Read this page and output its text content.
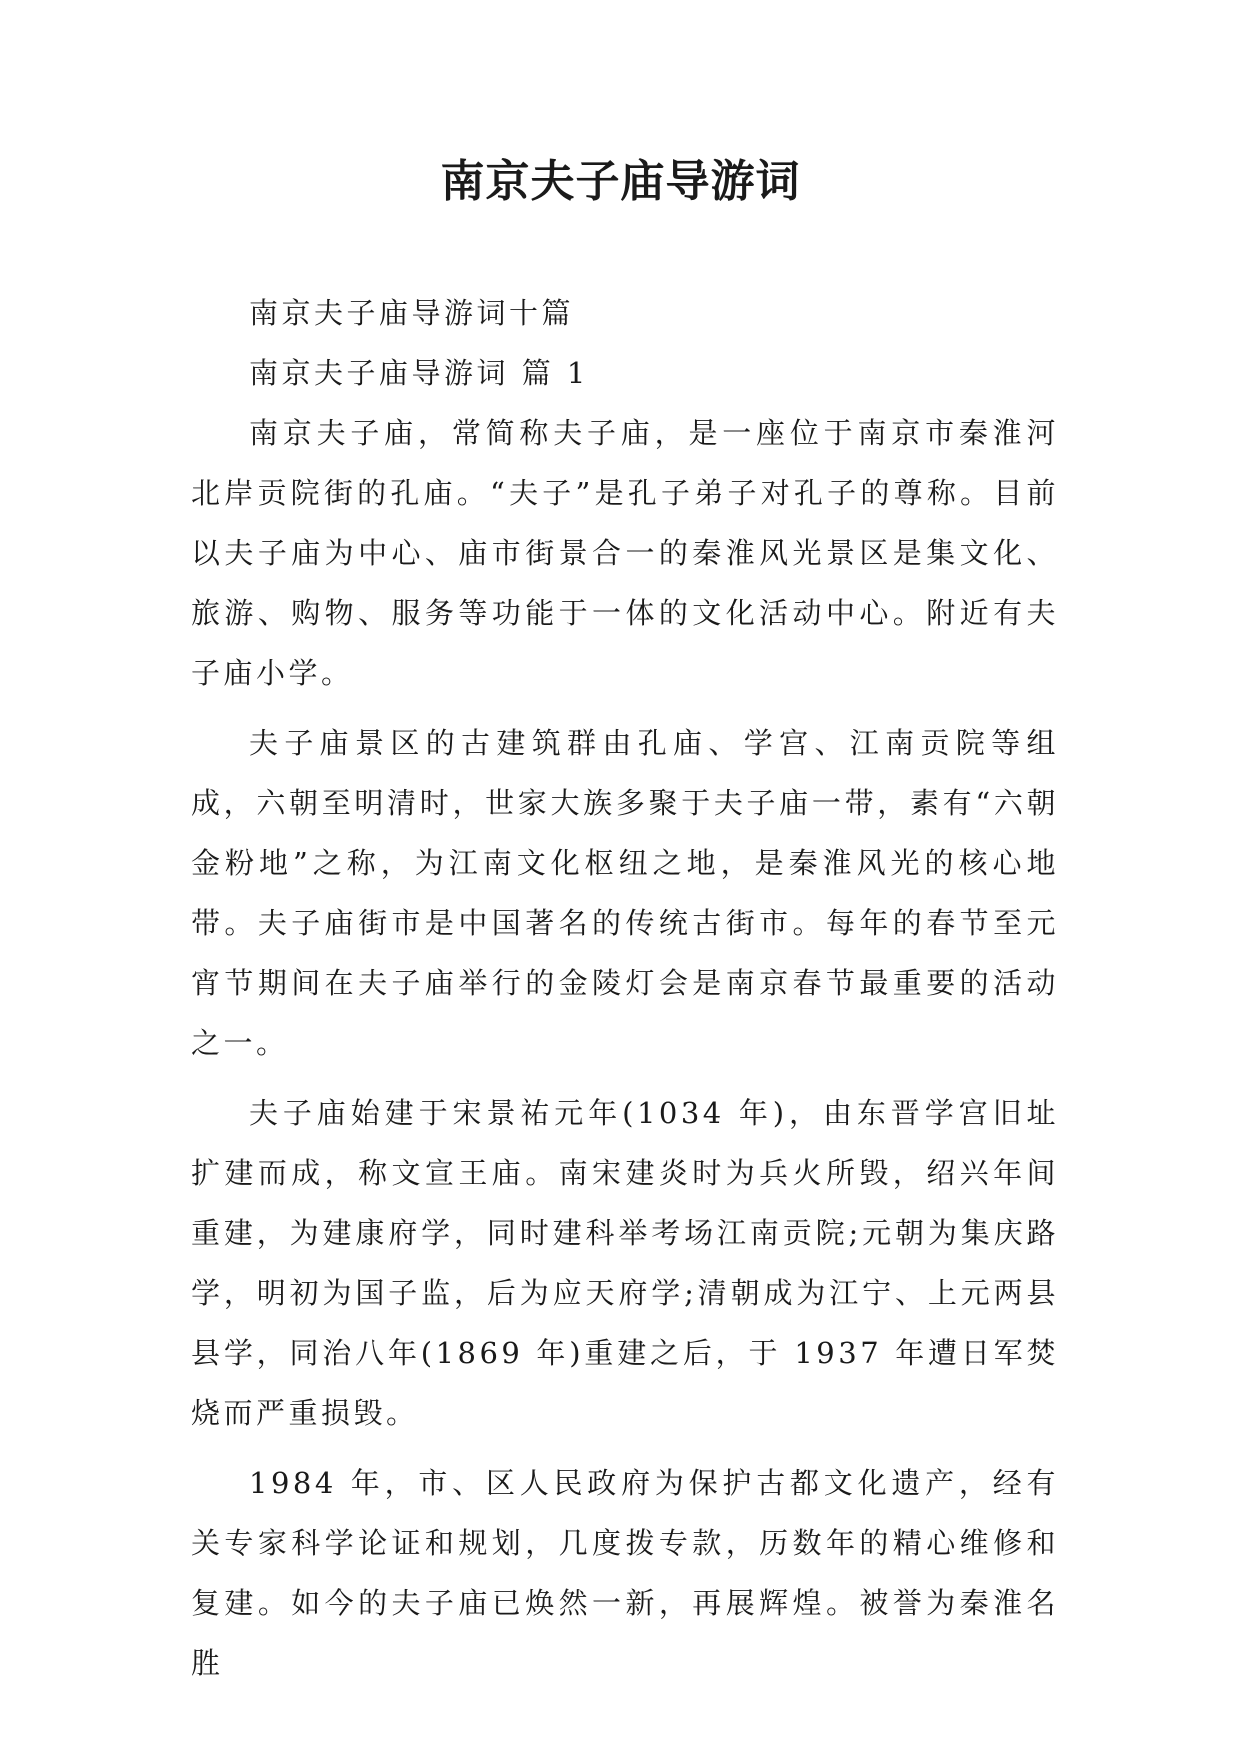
南京夫子庙导游词

南京夫子庙导游词十篇

南京夫子庙导游词 篇 1

南京夫子庙，常简称夫子庙，是一座位于南京市秦淮河北岸贡院街的孔庙。“夫子”是孔子弟子对孔子的尊称。目前以夫子庙为中心、庙市街景合一的秦淮风光景区是集文化、旅游、购物、服务等功能于一体的文化活动中心。附近有夫子庙小学。

夫子庙景区的古建筑群由孔庙、学宫、江南贡院等组成，六朝至明清时，世家大族多聚于夫子庙一带，素有“六朝金粉地”之称，为江南文化枢纽之地，是秦淮风光的核心地带。夫子庙街市是中国著名的传统古街市。每年的春节至元宵节期间在夫子庙举行的金陵灯会是南京春节最重要的活动之一。

夫子庙始建于宋景祐元年(1034 年)，由东晋学宫旧址扩建而成，称文宣王庙。南宋建炎时为兵火所毁，绍兴年间重建，为建康府学，同时建科举考场江南贡院;元朝为集庆路学，明初为国子监，后为应天府学;清朝成为江宁、上元两县县学，同治八年(1869 年)重建之后，于 1937 年遭日军焚烧而严重损毁。

1984 年，市、区人民政府为保护古都文化遗产，经有关专家科学论证和规划，几度拨专款，历数年的精心维修和复建。如今的夫子庙已焕然一新，再展辉煌。被誉为秦淮名胜
